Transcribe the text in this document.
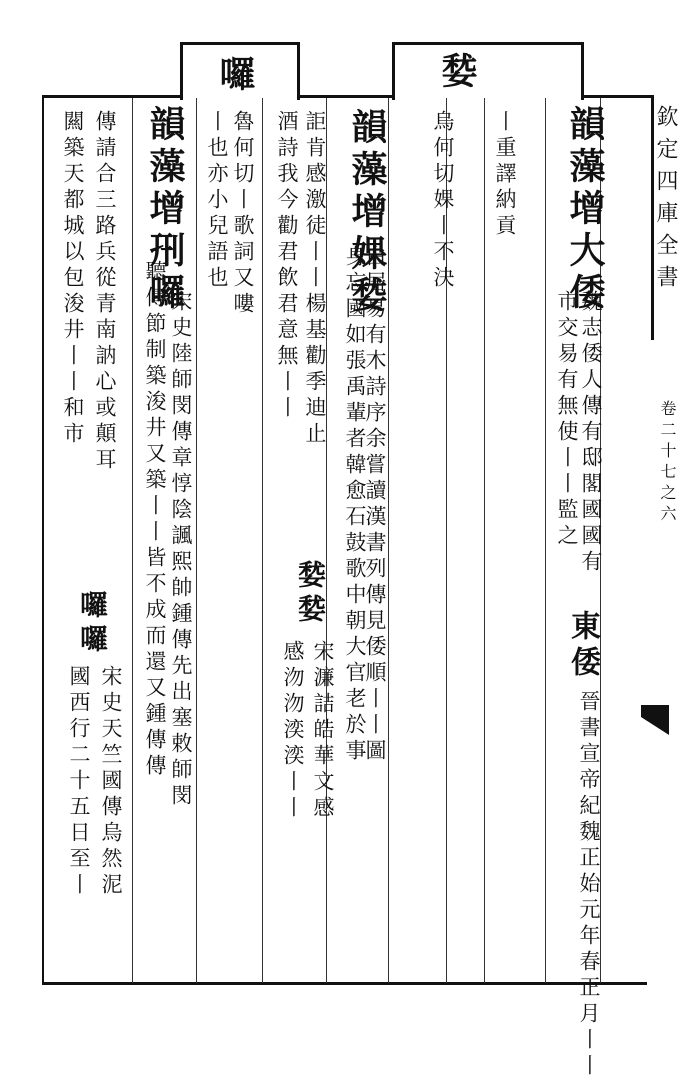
欽定四庫全書
卷二十七之六
韻藻增大倭
魏志倭人傳有邸閣國國有
市交易有無使丨丨監之
東倭
晉書宣帝紀魏正始元年春正月丨丨
丨重譯納貢
㛷
烏何切婐丨不決
韻藻增婐㛷
白居易有木詩序余嘗讀漢書列傳見倭順丨丨圖
身忘國如張禹輩者韓愈石鼓歌中朝大官老於事
詎肯感激徒丨丨楊基勸季迪止
㛷㛷
宋濂詰皓華文感
酒詩我今勸君飲君意無丨丨
感沕沕湙湙丨丨
囉
魯何切丨歌詞又嘍
丨也亦小兒語也
韻藻增𠛬囉
宋史陸師閔傳章惇陰諷熙帥鍾傳先出塞敕師閔
聽傳節制築浚井又築丨丨皆不成而還又鍾傳傳
傳請合三路兵從青南訥心或顛耳
囉囉
宋史天竺國傳烏然泥
闗築天都城以包浚井丨丨和市
國西行二十五日至丨
